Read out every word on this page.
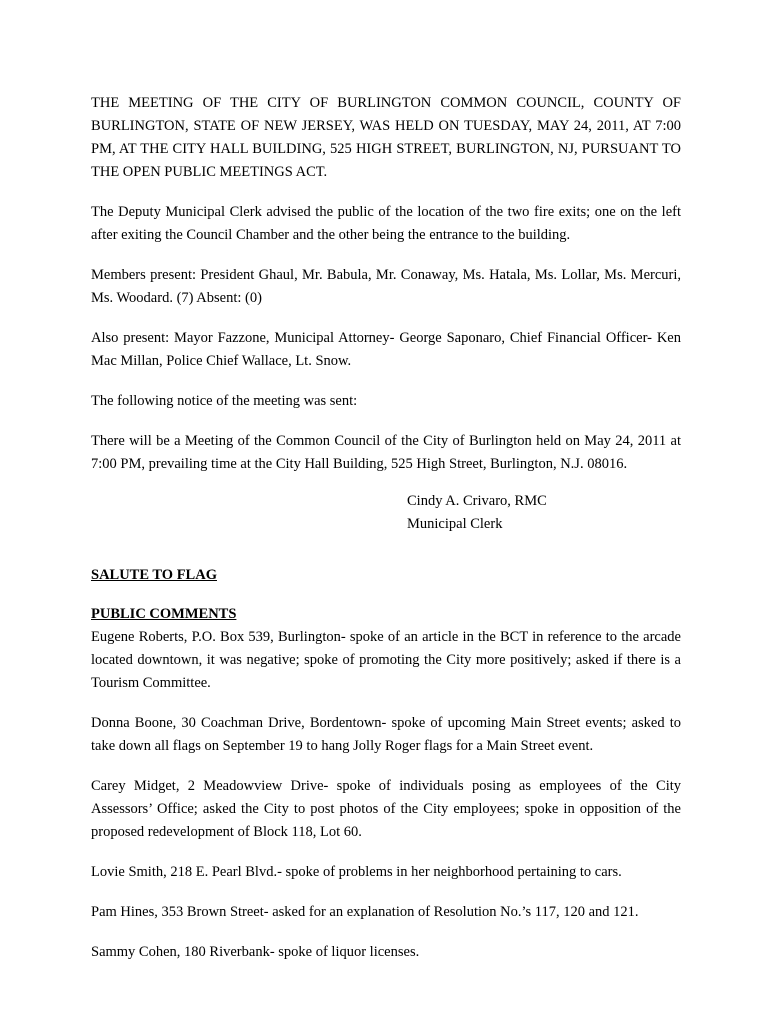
THE MEETING OF THE CITY OF BURLINGTON COMMON COUNCIL, COUNTY OF BURLINGTON, STATE OF NEW JERSEY, WAS HELD ON TUESDAY, MAY 24, 2011, AT 7:00 PM, AT THE CITY HALL BUILDING, 525 HIGH STREET, BURLINGTON, NJ, PURSUANT TO THE OPEN PUBLIC MEETINGS ACT.

The Deputy Municipal Clerk advised the public of the location of the two fire exits; one on the left after exiting the Council Chamber and the other being the entrance to the building.

Members present: President Ghaul, Mr. Babula, Mr. Conaway, Ms. Hatala, Ms. Lollar, Ms. Mercuri, Ms. Woodard. (7) Absent: (0)

Also present: Mayor Fazzone, Municipal Attorney- George Saponaro, Chief Financial Officer- Ken Mac Millan, Police Chief Wallace, Lt. Snow.

The following notice of the meeting was sent:

There will be a Meeting of the Common Council of the City of Burlington held on May 24, 2011 at 7:00 PM, prevailing time at the City Hall Building, 525 High Street, Burlington, N.J. 08016.

Cindy A. Crivaro, RMC
Municipal Clerk
SALUTE TO FLAG
PUBLIC COMMENTS

Eugene Roberts, P.O. Box 539, Burlington- spoke of an article in the BCT in reference to the arcade located downtown, it was negative; spoke of promoting the City more positively; asked if there is a Tourism Committee.

Donna Boone, 30 Coachman Drive, Bordentown- spoke of upcoming Main Street events; asked to take down all flags on September 19 to hang Jolly Roger flags for a Main Street event.

Carey Midget, 2 Meadowview Drive- spoke of individuals posing as employees of the City Assessors’ Office; asked the City to post photos of the City employees; spoke in opposition of the proposed redevelopment of Block 118, Lot 60.

Lovie Smith, 218 E. Pearl Blvd.- spoke of problems in her neighborhood pertaining to cars.

Pam Hines, 353 Brown Street- asked for an explanation of Resolution No.’s 117, 120 and 121.

Sammy Cohen, 180 Riverbank- spoke of liquor licenses.
